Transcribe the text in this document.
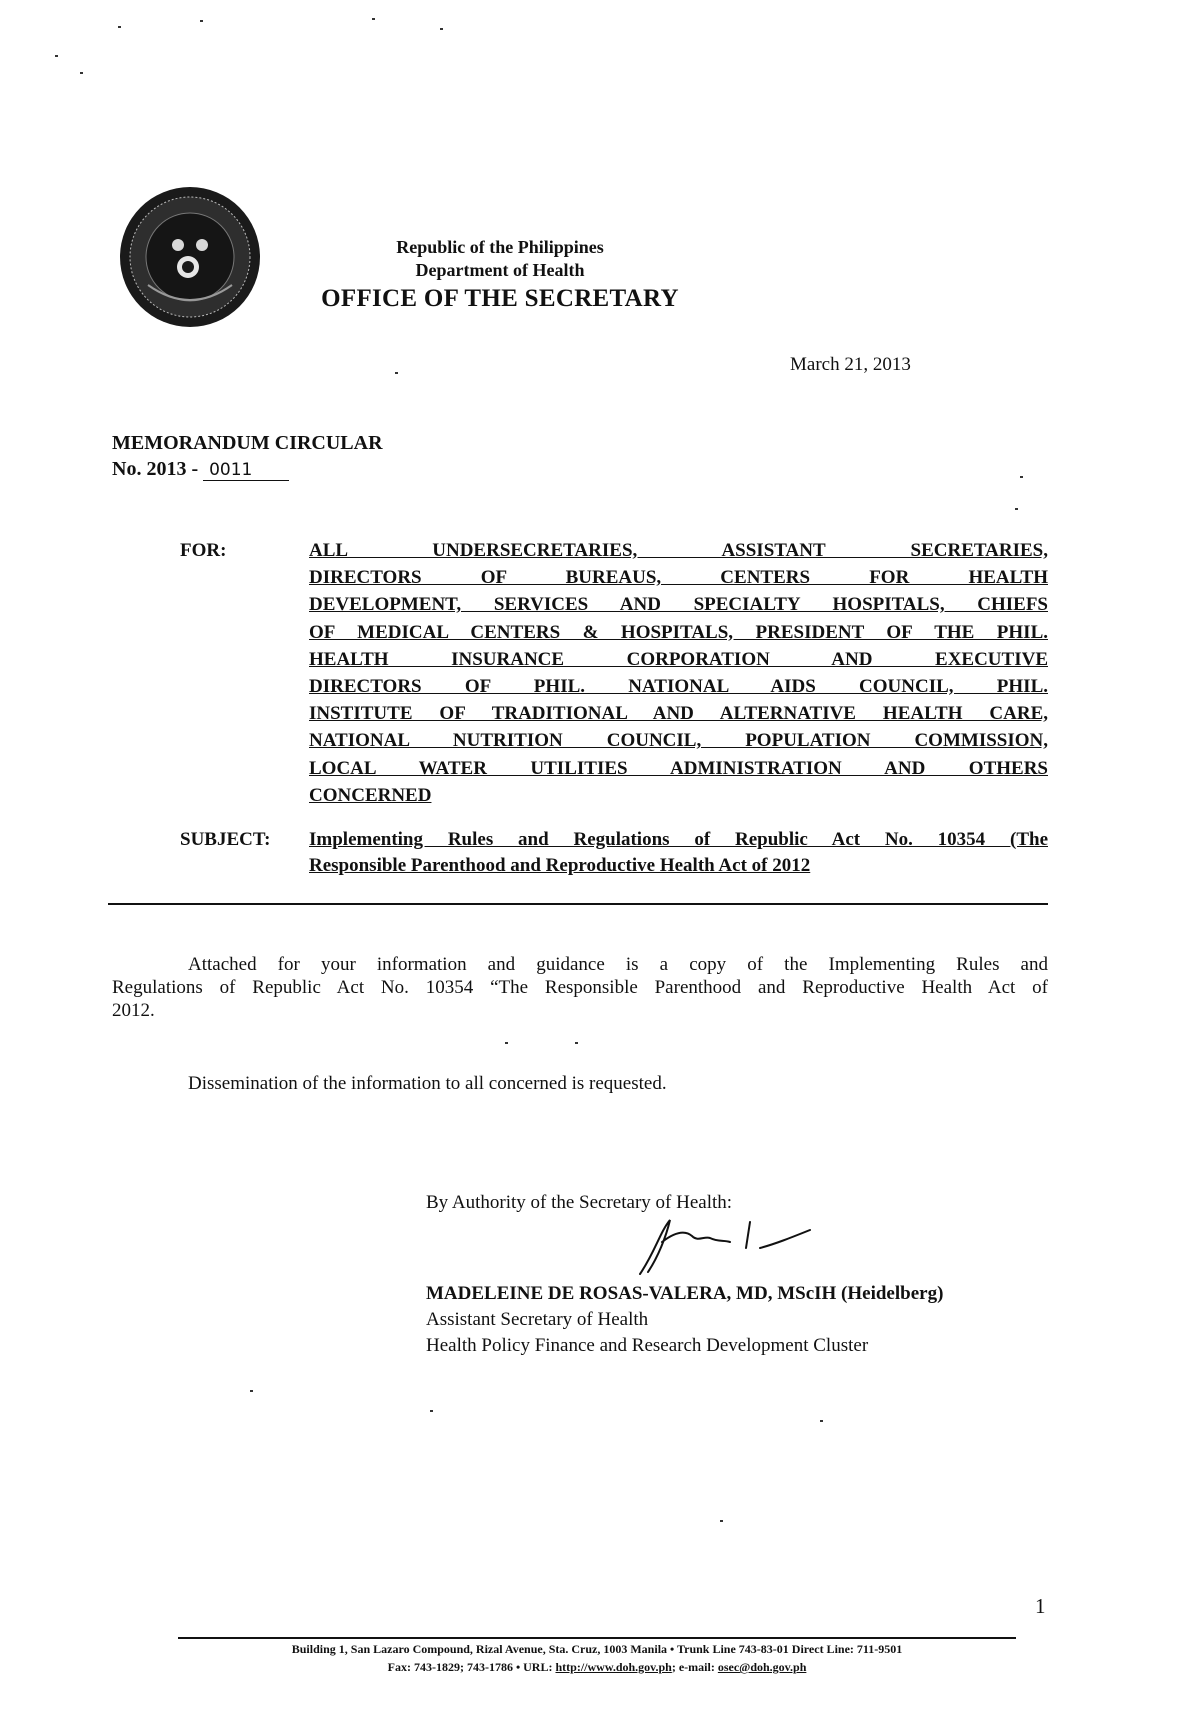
Republic of the Philippines
Department of Health
OFFICE OF THE SECRETARY
March 21, 2013
MEMORANDUM CIRCULAR
No. 2013 - 0011
FOR:	ALL UNDERSECRETARIES, ASSISTANT SECRETARIES,
DIRECTORS OF BUREAUS, CENTERS FOR HEALTH
DEVELOPMENT, SERVICES AND SPECIALTY HOSPITALS, CHIEFS
OF MEDICAL CENTERS & HOSPITALS, PRESIDENT OF THE PHIL.
HEALTH INSURANCE CORPORATION AND EXECUTIVE
DIRECTORS OF PHIL. NATIONAL AIDS COUNCIL, PHIL.
INSTITUTE OF TRADITIONAL AND ALTERNATIVE HEALTH CARE,
NATIONAL NUTRITION COUNCIL, POPULATION COMMISSION,
LOCAL WATER UTILITIES ADMINISTRATION AND OTHERS
CONCERNED
SUBJECT: Implementing Rules and Regulations of Republic Act No. 10354 (The
Responsible Parenthood and Reproductive Health Act of 2012
Attached for your information and guidance is a copy of the Implementing Rules and
Regulations of Republic Act No. 10354 “The Responsible Parenthood and Reproductive Health Act of
2012.
Dissemination of the information to all concerned is requested.
By Authority of the Secretary of Health:
MADELEINE DE ROSAS-VALERA, MD, MScIH (Heidelberg)
Assistant Secretary of Health
Health Policy Finance and Research Development Cluster
1
Building 1, San Lazaro Compound, Rizal Avenue, Sta. Cruz, 1003 Manila • Trunk Line 743-83-01 Direct Line: 711-9501
Fax: 743-1829; 743-1786 • URL: http://www.doh.gov.ph; e-mail: osec@doh.gov.ph
